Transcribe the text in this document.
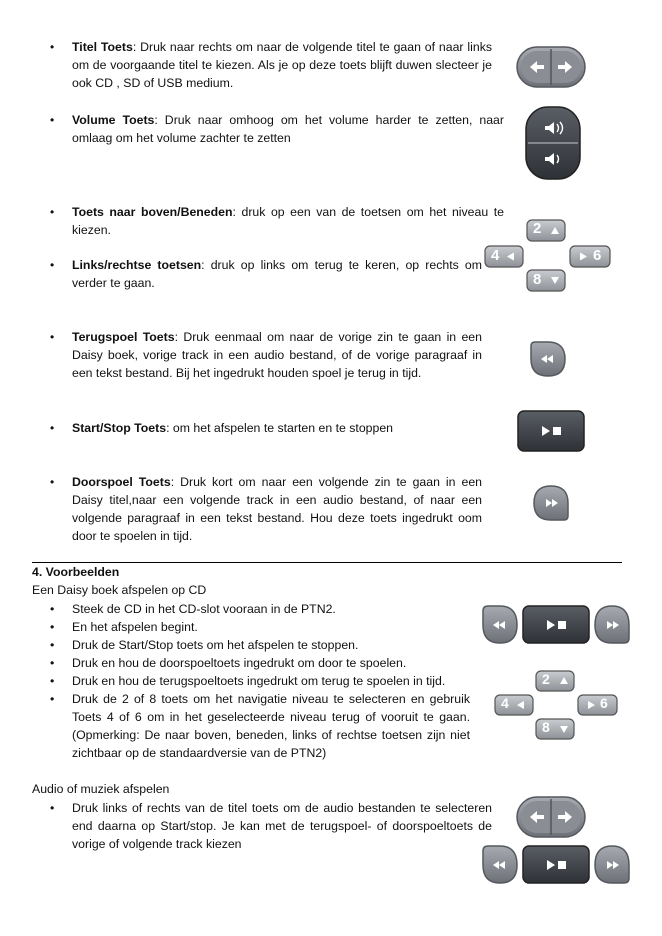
• Titel Toets: Druk naar rechts om naar de volgende titel te gaan of naar links om de voorgaande titel te kiezen. Als je op deze toets blijft duwen slecteer je ook CD , SD of USB medium.
• Volume Toets: Druk naar omhoog om het volume harder te zetten, naar omlaag om het volume zachter te zetten
• Toets naar boven/Beneden: druk op een van de toetsen om het niveau te kiezen.
• Links/rechtse toetsen: druk op links om terug te keren, op rechts om verder te gaan.
• Terugspoel Toets: Druk eenmaal om naar de vorige zin te gaan in een Daisy boek, vorige track in een audio bestand, of de vorige paragraaf in een tekst bestand. Bij het ingedrukt houden spoel je terug in tijd.
• Start/Stop Toets: om het afspelen te starten en te stoppen
• Doorspoel Toets: Druk kort om naar een volgende zin te gaan in een Daisy titel,naar een volgende track in een audio bestand, of naar een volgende paragraaf in een tekst bestand. Hou deze toets ingedrukt oom door te spoelen in tijd.
4. Voorbeelden
Een Daisy boek afspelen op CD
• Steek de CD in het CD-slot vooraan in de PTN2.
• En het afspelen begint.
• Druk de Start/Stop toets om het afspelen te stoppen.
• Druk en hou de doorspoeltoets ingedrukt om door te spoelen.
• Druk en hou de terugspoeltoets ingedrukt om terug te spoelen in tijd.
• Druk de 2 of 8 toets om het navigatie niveau te selecteren en gebruik Toets 4 of 6 om in het geselecteerde niveau terug of vooruit te gaan. (Opmerking: De naar boven, beneden, links of rechtse toetsen zijn niet zichtbaar op de standaardversie van de PTN2)
Audio of muziek afspelen
• Druk links of rechts van de titel toets om de audio bestanden te selecteren end daarna op Start/stop. Je kan met de terugspoel- of doorspoeltoets de vorige of volgende track kiezen
2
4	6
8
2
4	6
8
